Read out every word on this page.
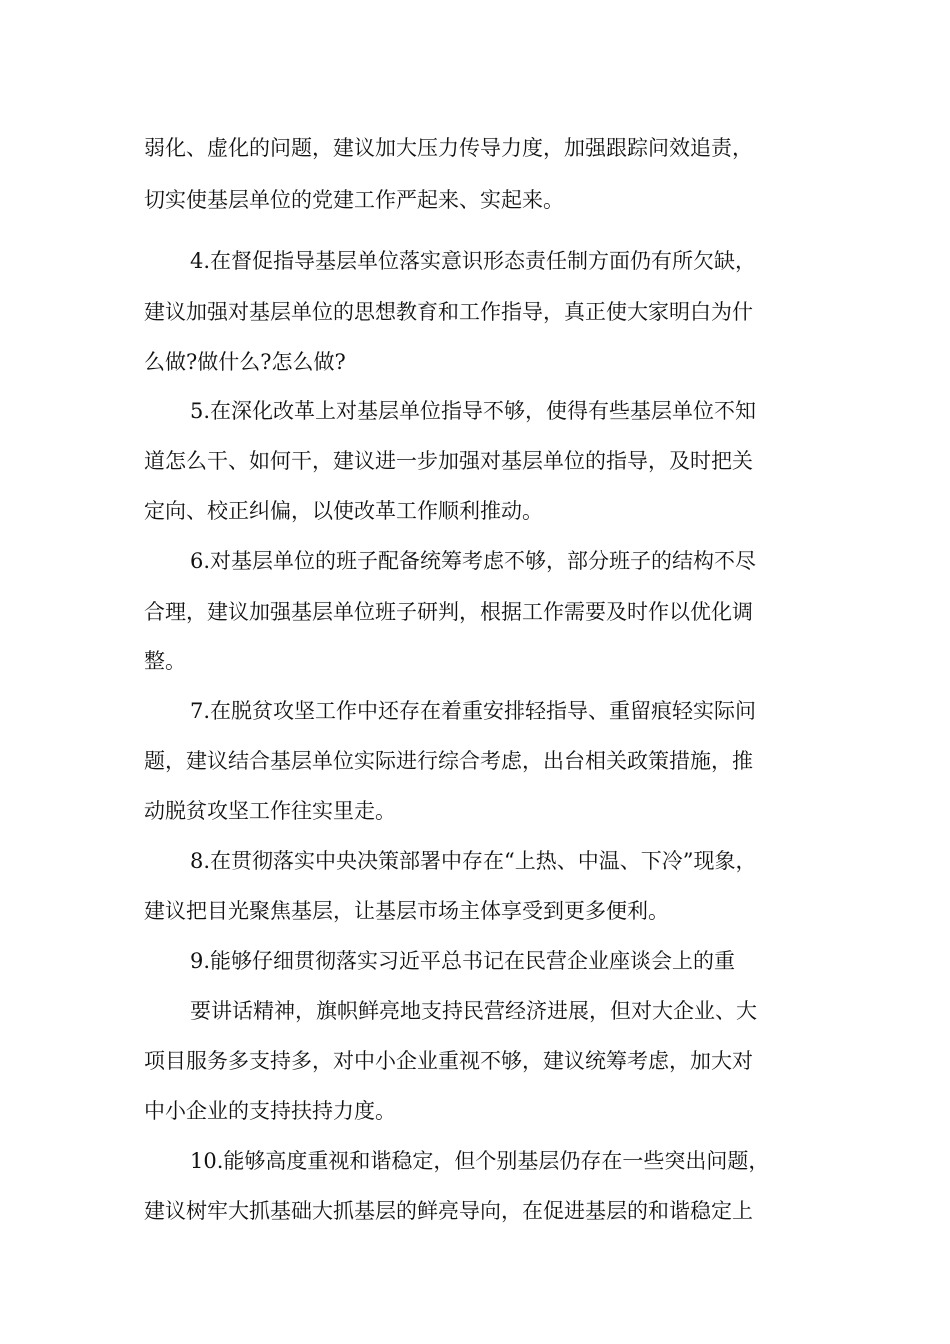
弱化、虚化的问题，建议加大压力传导力度，加强跟踪问效追责，
切实使基层单位的党建工作严起来、实起来。
4.在督促指导基层单位落实意识形态责任制方面仍有所欠缺，
建议加强对基层单位的思想教育和工作指导，真正使大家明白为什
么做?做什么?怎么做?
5.在深化改革上对基层单位指导不够，使得有些基层单位不知
道怎么干、如何干，建议进一步加强对基层单位的指导，及时把关
定向、校正纠偏，以使改革工作顺利推动。
6.对基层单位的班子配备统筹考虑不够，部分班子的结构不尽
合理，建议加强基层单位班子研判，根据工作需要及时作以优化调
整。
7.在脱贫攻坚工作中还存在着重安排轻指导、重留痕轻实际问
题，建议结合基层单位实际进行综合考虑，出台相关政策措施，推
动脱贫攻坚工作往实里走。
8.在贯彻落实中央决策部署中存在“上热、中温、下冷”现象，
建议把目光聚焦基层，让基层市场主体享受到更多便利。
9.能够仔细贯彻落实习近平总书记在民营企业座谈会上的重
要讲话精神，旗帜鲜亮地支持民营经济进展，但对大企业、大
项目服务多支持多，对中小企业重视不够，建议统筹考虑，加大对
中小企业的支持扶持力度。
10.能够高度重视和谐稳定，但个别基层仍存在一些突出问题，
建议树牢大抓基础大抓基层的鲜亮导向，在促进基层的和谐稳定上
